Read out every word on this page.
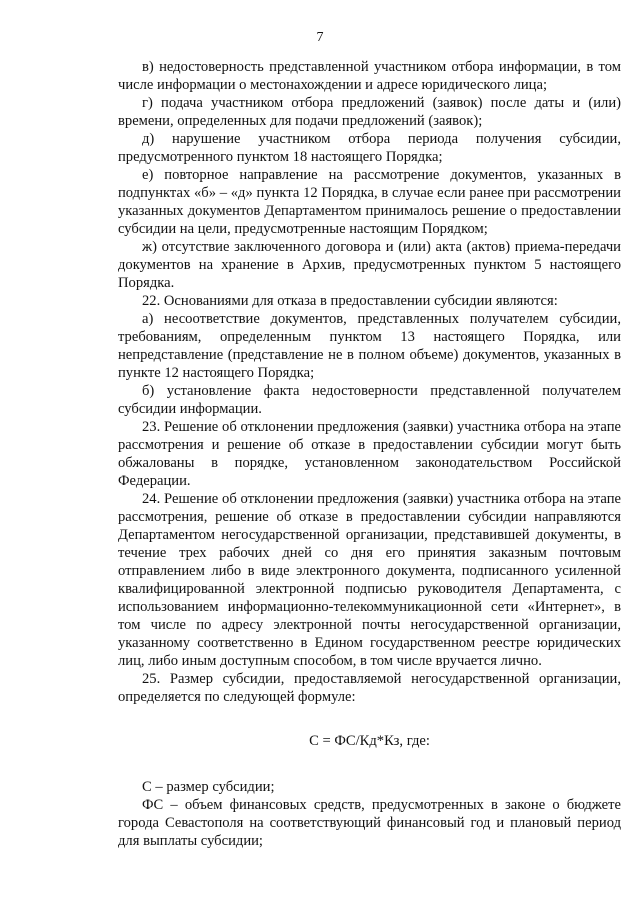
7

в) недостоверность представленной участником отбора информации, в том числе информации о местонахождении и адресе юридического лица;

г) подача участником отбора предложений (заявок) после даты и (или) времени, определенных для подачи предложений (заявок);

д) нарушение участником отбора периода получения субсидии, предусмотренного пунктом 18 настоящего Порядка;

е) повторное направление на рассмотрение документов, указанных в подпунктах «б» – «д» пункта 12 Порядка, в случае если ранее при рассмотрении указанных документов Департаментом принималось решение о предоставлении субсидии на цели, предусмотренные настоящим Порядком;

ж) отсутствие заключенного договора и (или) акта (актов) приема-передачи документов на хранение в Архив, предусмотренных пунктом 5 настоящего Порядка.

22. Основаниями для отказа в предоставлении субсидии являются:

а) несоответствие документов, представленных получателем субсидии, требованиям, определенным пунктом 13 настоящего Порядка, или непредставление (представление не в полном объеме) документов, указанных в пункте 12 настоящего Порядка;

б) установление факта недостоверности представленной получателем субсидии информации.

23. Решение об отклонении предложения (заявки) участника отбора на этапе рассмотрения и решение об отказе в предоставлении субсидии могут быть обжалованы в порядке, установленном законодательством Российской Федерации.

24. Решение об отклонении предложения (заявки) участника отбора на этапе рассмотрения, решение об отказе в предоставлении субсидии направляются Департаментом негосударственной организации, представившей документы, в течение трех рабочих дней со дня его принятия заказным почтовым отправлением либо в виде электронного документа, подписанного усиленной квалифицированной электронной подписью руководителя Департамента, с использованием информационно-телекоммуникационной сети «Интернет», в том числе по адресу электронной почты негосударственной организации, указанному соответственно в Едином государственном реестре юридических лиц, либо иным доступным способом, в том числе вручается лично.

25. Размер субсидии, предоставляемой негосударственной организации, определяется по следующей формуле:

С = ФС/Кд*Кз, где:

С – размер субсидии;

ФС – объем финансовых средств, предусмотренных в законе о бюджете города Севастополя на соответствующий финансовый год и плановый период для выплаты субсидии;
